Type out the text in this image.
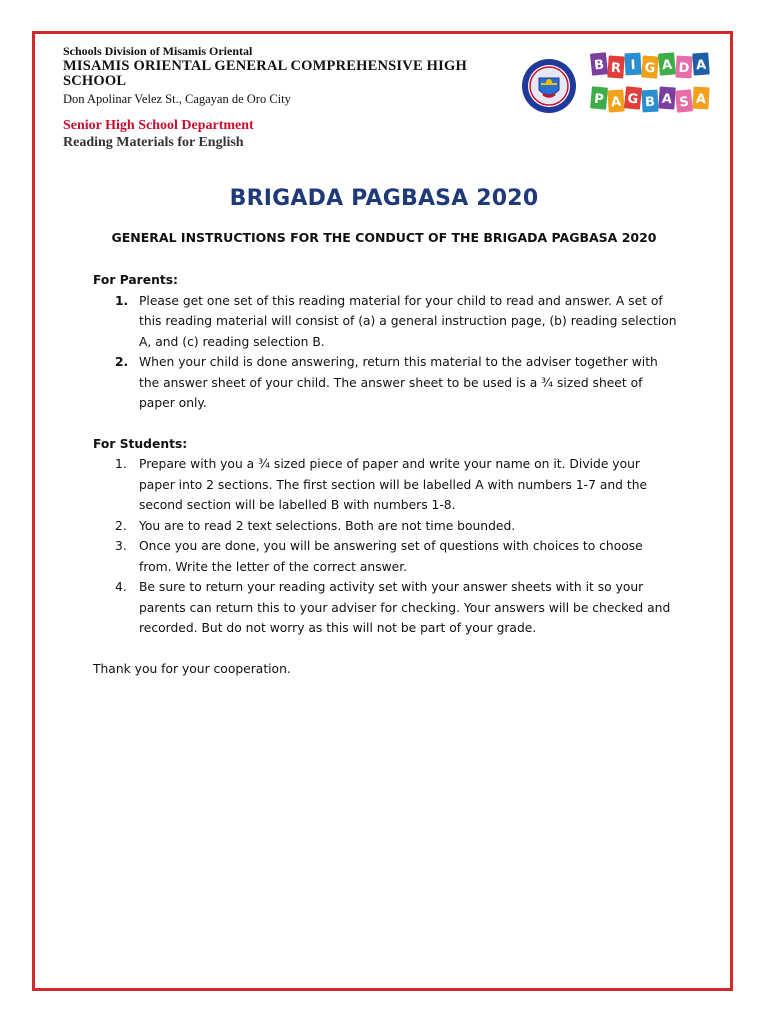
Schools Division of Misamis Oriental
MISAMIS ORIENTAL GENERAL COMPREHENSIVE HIGH
SCHOOL
Don Apolinar Velez St., Cagayan de Oro City
Senior High School Department
Reading Materials for English
B R I G A D A
P A G B A S A
BRIGADA PAGBASA 2020
GENERAL INSTRUCTIONS FOR THE CONDUCT OF THE BRIGADA PAGBASA 2020
For Parents:
1. Please get one set of this reading material for your child to read and answer. A set of this reading material will consist of (a) a general instruction page, (b) reading selection A, and (c) reading selection B.
2. When your child is done answering, return this material to the adviser together with the answer sheet of your child. The answer sheet to be used is a ¾ sized sheet of paper only.
For Students:
1. Prepare with you a ¾ sized piece of paper and write your name on it. Divide your paper into 2 sections. The first section will be labelled A with numbers 1-7 and the second section will be labelled B with numbers 1-8.
2. You are to read 2 text selections. Both are not time bounded.
3. Once you are done, you will be answering set of questions with choices to choose from. Write the letter of the correct answer.
4. Be sure to return your reading activity set with your answer sheets with it so your parents can return this to your adviser for checking. Your answers will be checked and recorded. But do not worry as this will not be part of your grade.
Thank you for your cooperation.
